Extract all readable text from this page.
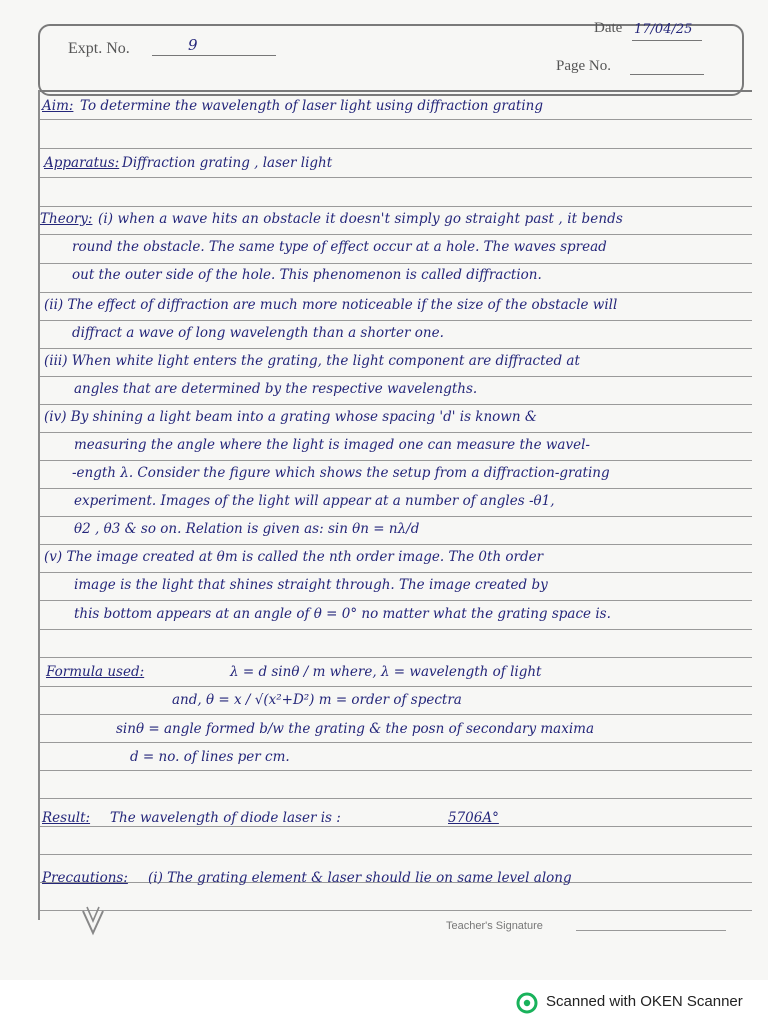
Date 17/04/25
Expt. No.	9
Page No.
Aim: To determine the wavelength of laser light using diffraction grating
Apparatus: Diffraction grating , laser light
Theory: (i) when a wave hits an obstacle it doesn't simply go straight past , it bends
round the obstacle. The same type of effect occur at a hole. The waves spread
out the outer side of the hole. This phenomenon is called diffraction.
(ii) The effect of diffraction are much more noticeable if the size of the obstacle will
diffract a wave of long wavelength than a shorter one.
(iii) When white light enters the grating, the light component are diffracted at
angles that are determined by the respective wavelengths.
(iv) By shining a light beam into a grating whose spacing 'd' is known &
measuring the angle where the light is imaged one can measure the wavel-
-ength λ. Consider the figure which shows the setup from a diffraction-grating
experiment. Images of the light will appear at a number of angles -θ1,
θ2 , θ3 & so on. Relation is given as: sin θn = nλ/d
(v) The image created at θm is called the nth order image. The 0th order
image is the light that shines straight through. The image created by
this bottom appears at an angle of θ = 0° no matter what the grating space is.
Formula used:	λ = d sinθ / m where, λ = wavelength of light
and, θ = x / √(x²+D²) m = order of spectra
sinθ = angle formed b/w the grating & the posn of secondary maxima
d = no. of lines per cm.
Result: The wavelength of diode laser is :	5706A°
Precautions: (i) The grating element & laser should lie on same level along
Teacher's Signature
Scanned with OKEN Scanner
